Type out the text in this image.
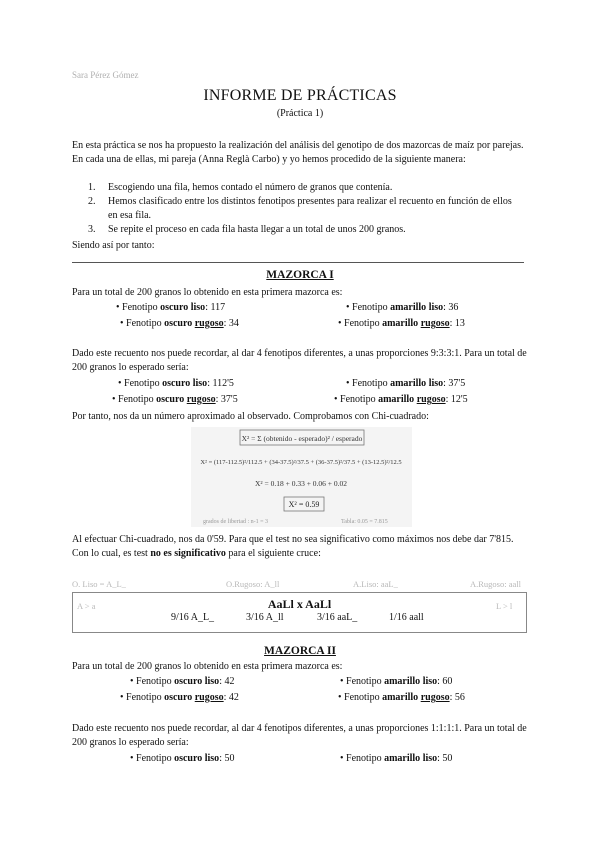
Sara Pérez Gómez
INFORME DE PRÁCTICAS
(Práctica 1)
En esta práctica se nos ha propuesto la realización del análisis del genotipo de dos mazorcas de maíz por parejas. En cada una de ellas, mi pareja (Anna Reglà Carbo) y yo hemos procedido de la siguiente manera:
1. Escogiendo una fila, hemos contado el número de granos que contenía.
2. Hemos clasificado entre los distintos fenotipos presentes para realizar el recuento en función de ellos en esa fila.
3. Se repite el proceso en cada fila hasta llegar a un total de unos 200 granos.
Siendo así por tanto:
MAZORCA I
Para un total de 200 granos lo obtenido en esta primera mazorca es:
• Fenotipo oscuro liso: 117	• Fenotipo amarillo liso: 36
• Fenotipo oscuro rugoso: 34	• Fenotipo amarillo rugoso: 13
Dado este recuento nos puede recordar, al dar 4 fenotipos diferentes, a unas proporciones 9:3:3:1. Para un total de 200 granos lo esperado sería:
• Fenotipo oscuro liso: 112'5	• Fenotipo amarillo liso: 37'5
• Fenotipo oscuro rugoso: 37'5	• Fenotipo amarillo rugoso: 12'5
Por tanto, nos da un número aproximado al observado. Comprobamos con Chi-cuadrado:
X² = Σ (obtenido - esperado)² / esperado
X² = (117-112.5)²/112.5 + (34-37.5)²/37.5 + (36-37.5)²/37.5 + (13-12.5)²/12.5
X² = 0.18 + 0.33 + 0.06 + 0.02
X² = 0.59
grados de libertad : n-1 = 3	Tabla: 0.05 = 7.815
Al efectuar Chi-cuadrado, nos da 0'59. Para que el test no sea significativo como máximos nos debe dar 7'815. Con lo cual, es test no es significativo para el siguiente cruce:
O. Liso = A_L_	O.Rugoso: A_ll	A.Liso: aaL_	A.Rugoso: aall
A > a	L > l
AaLl x AaLl
9/16 A_L_	3/16 A_ll	3/16 aaL_	1/16 aall
MAZORCA II
Para un total de 200 granos lo obtenido en esta primera mazorca es:
• Fenotipo oscuro liso: 42	• Fenotipo amarillo liso: 60
• Fenotipo oscuro rugoso: 42	• Fenotipo amarillo rugoso: 56
Dado este recuento nos puede recordar, al dar 4 fenotipos diferentes, a unas proporciones 1:1:1:1. Para un total de 200 granos lo esperado sería:
• Fenotipo oscuro liso: 50	• Fenotipo amarillo liso: 50
